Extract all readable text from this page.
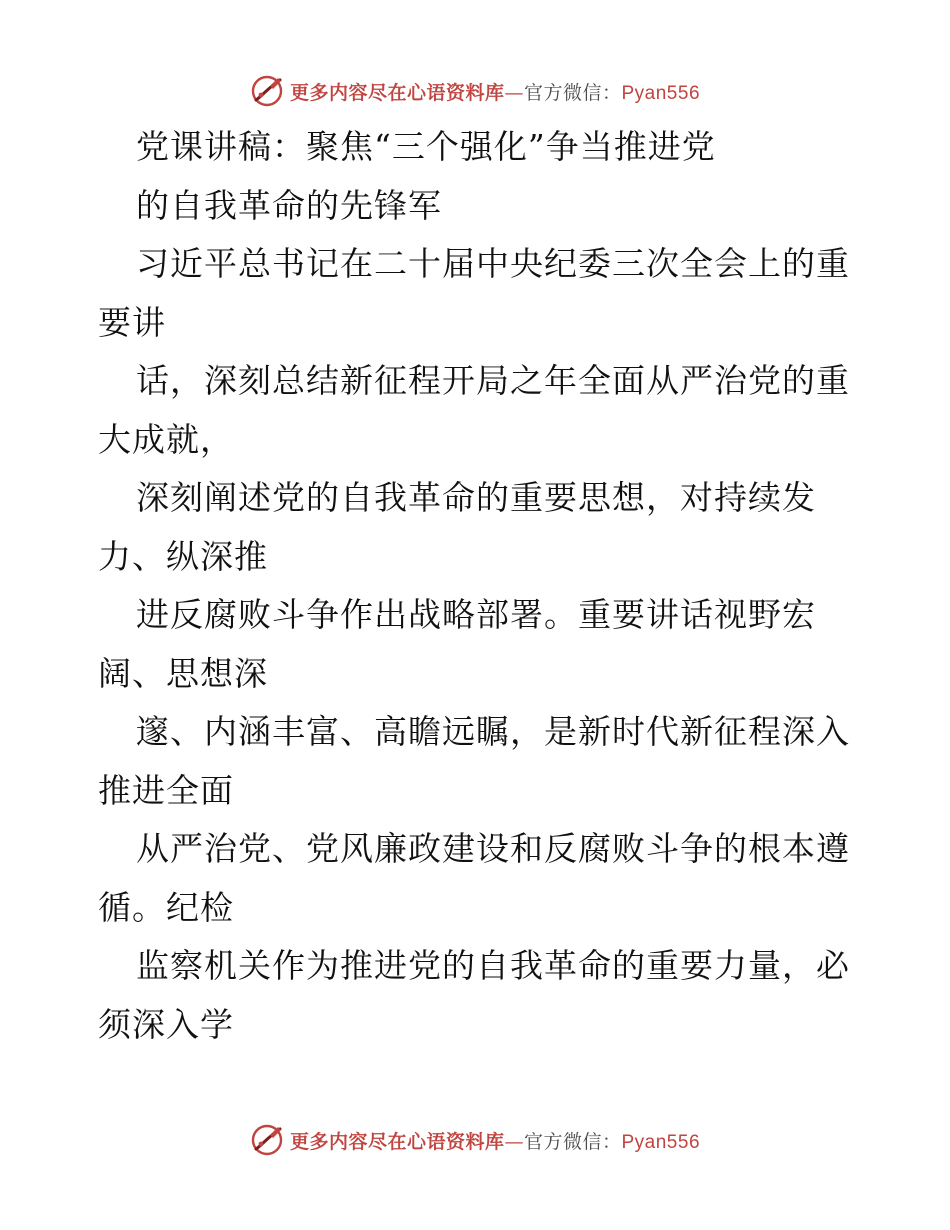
更多内容尽在心语资料库—官方微信：Pyan556
党课讲稿：聚焦“三个强化”争当推进党
的自我革命的先锋军
习近平总书记在二十届中央纪委三次全会上的重
要讲
话，深刻总结新征程开局之年全面从严治党的重
大成就，
深刻阐述党的自我革命的重要思想，对持续发
力、纵深推
进反腐败斗争作出战略部署。重要讲话视野宏
阔、思想深
邃、内涵丰富、高瞻远瞩，是新时代新征程深入
推进全面
从严治党、党风廉政建设和反腐败斗争的根本遵
循。纪检
监察机关作为推进党的自我革命的重要力量，必
须深入学
更多内容尽在心语资料库—官方微信：Pyan556
